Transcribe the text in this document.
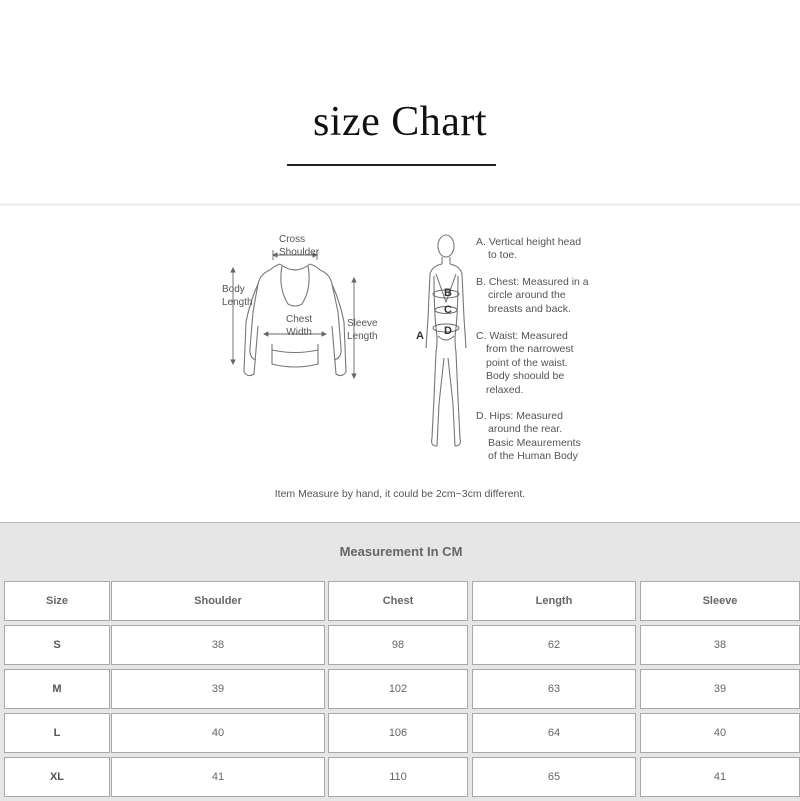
size Chart
Cross
Shoulder
Body
Length
Chest
Width
Sleeve
Length	A
B
C
D
A. Vertical height head
to toe.
B. Chest: Measured in a
circle around the
breasts and back.
C. Waist: Measured
from the narrowest
point of the waist.
Body shoould be
relaxed.
D. Hips: Measured
around the rear.
Basic Meaurements
of the Human Body
Item Measure by hand, it could be 2cm~3cm different.
Measurement In CM
Size	Shoulder	Chest	Length	Sleeve
S	38	98	62	38
M	39	102	63	39
L	40	106	64	40
XL	41	110	65	41
